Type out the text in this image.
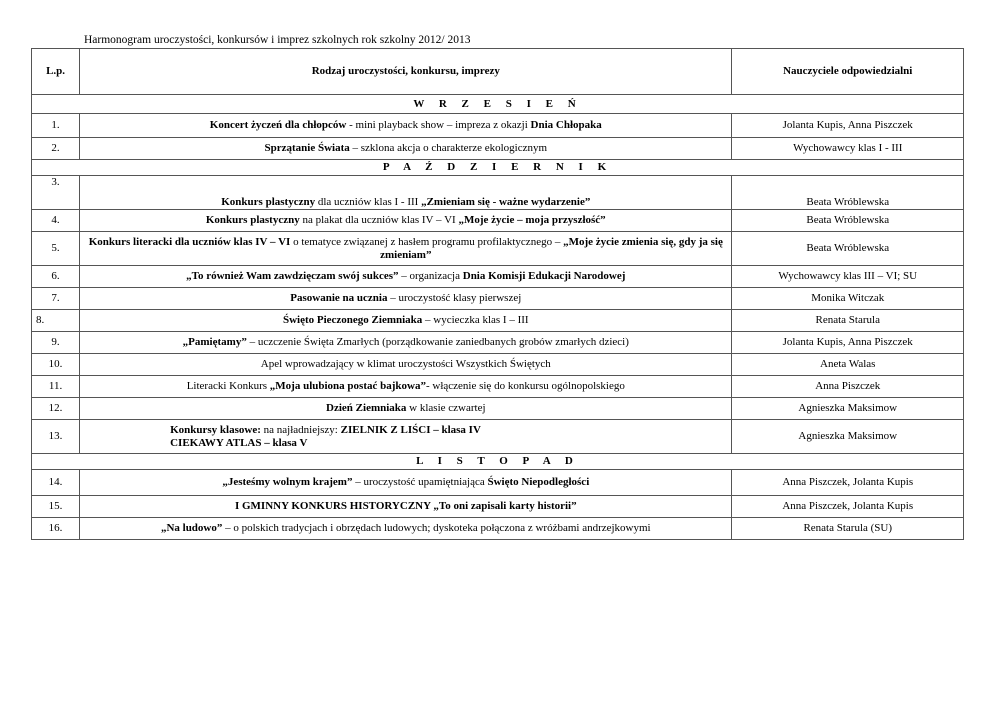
Harmonogram uroczystości, konkursów i imprez szkolnych rok szkolny 2012/ 2013
L.p.	Rodzaj uroczystości, konkursu, imprezy	Nauczyciele odpowiedzialni
W R Z E S I E Ń		
1.	Koncert życzeń dla chłopców - mini playback show – impreza z okazji Dnia Chłopaka	Jolanta Kupis, Anna Piszczek
2.	Sprzątanie Świata – szklona akcja o charakterze ekologicznym	Wychowawcy klas I - III
P A Ź D Z I E R N I K		
3.	Konkurs plastyczny dla uczniów klas I - III „Zmieniam się - ważne wydarzenie”	Beata Wróblewska
4.	Konkurs plastyczny na plakat dla uczniów klas IV – VI „Moje życie – moja przyszłość”	Beata Wróblewska
5.	Konkurs literacki dla uczniów klas IV – VI o tematyce związanej z hasłem programu profilaktycznego – „Moje życie zmienia się, gdy ja się zmieniam”	Beata Wróblewska
6.	„To również Wam zawdzięczam swój sukces” – organizacja Dnia Komisji Edukacji Narodowej	Wychowawcy klas III – VI; SU
7.	Pasowanie na ucznia – uroczystość klasy pierwszej	Monika Witczak
8.	Święto Pieczonego Ziemniaka – wycieczka klas I – III	Renata Starula
9.	„Pamiętamy” – uczczenie Święta Zmarłych (porządkowanie zaniedbanych grobów zmarłych dzieci)	Jolanta Kupis, Anna Piszczek
10.	Apel wprowadzający w klimat uroczystości Wszystkich Świętych	Aneta Walas
11.	Literacki Konkurs „Moja ulubiona postać bajkowa”- włączenie się do konkursu ogólnopolskiego	Anna Piszczek
12.	Dzień Ziemniaka w klasie czwartej	Agnieszka Maksimow
13.	Konkursy klasowe: na najładniejszy: ZIELNIK Z LIŚCI – klasa IV
CIEKAWY ATLAS – klasa V	Agnieszka Maksimow
L I S T O P A D		
14.	„Jesteśmy wolnym krajem” – uroczystość upamiętniająca Święto Niepodległości	Anna Piszczek, Jolanta Kupis
15.	I GMINNY KONKURS HISTORYCZNY „To oni zapisali karty historii”	Anna Piszczek, Jolanta Kupis
16.	„Na ludowo” – o polskich tradycjach i obrzędach ludowych; dyskoteka połączona z wróżbami andrzejkowymi	Renata Starula (SU)
